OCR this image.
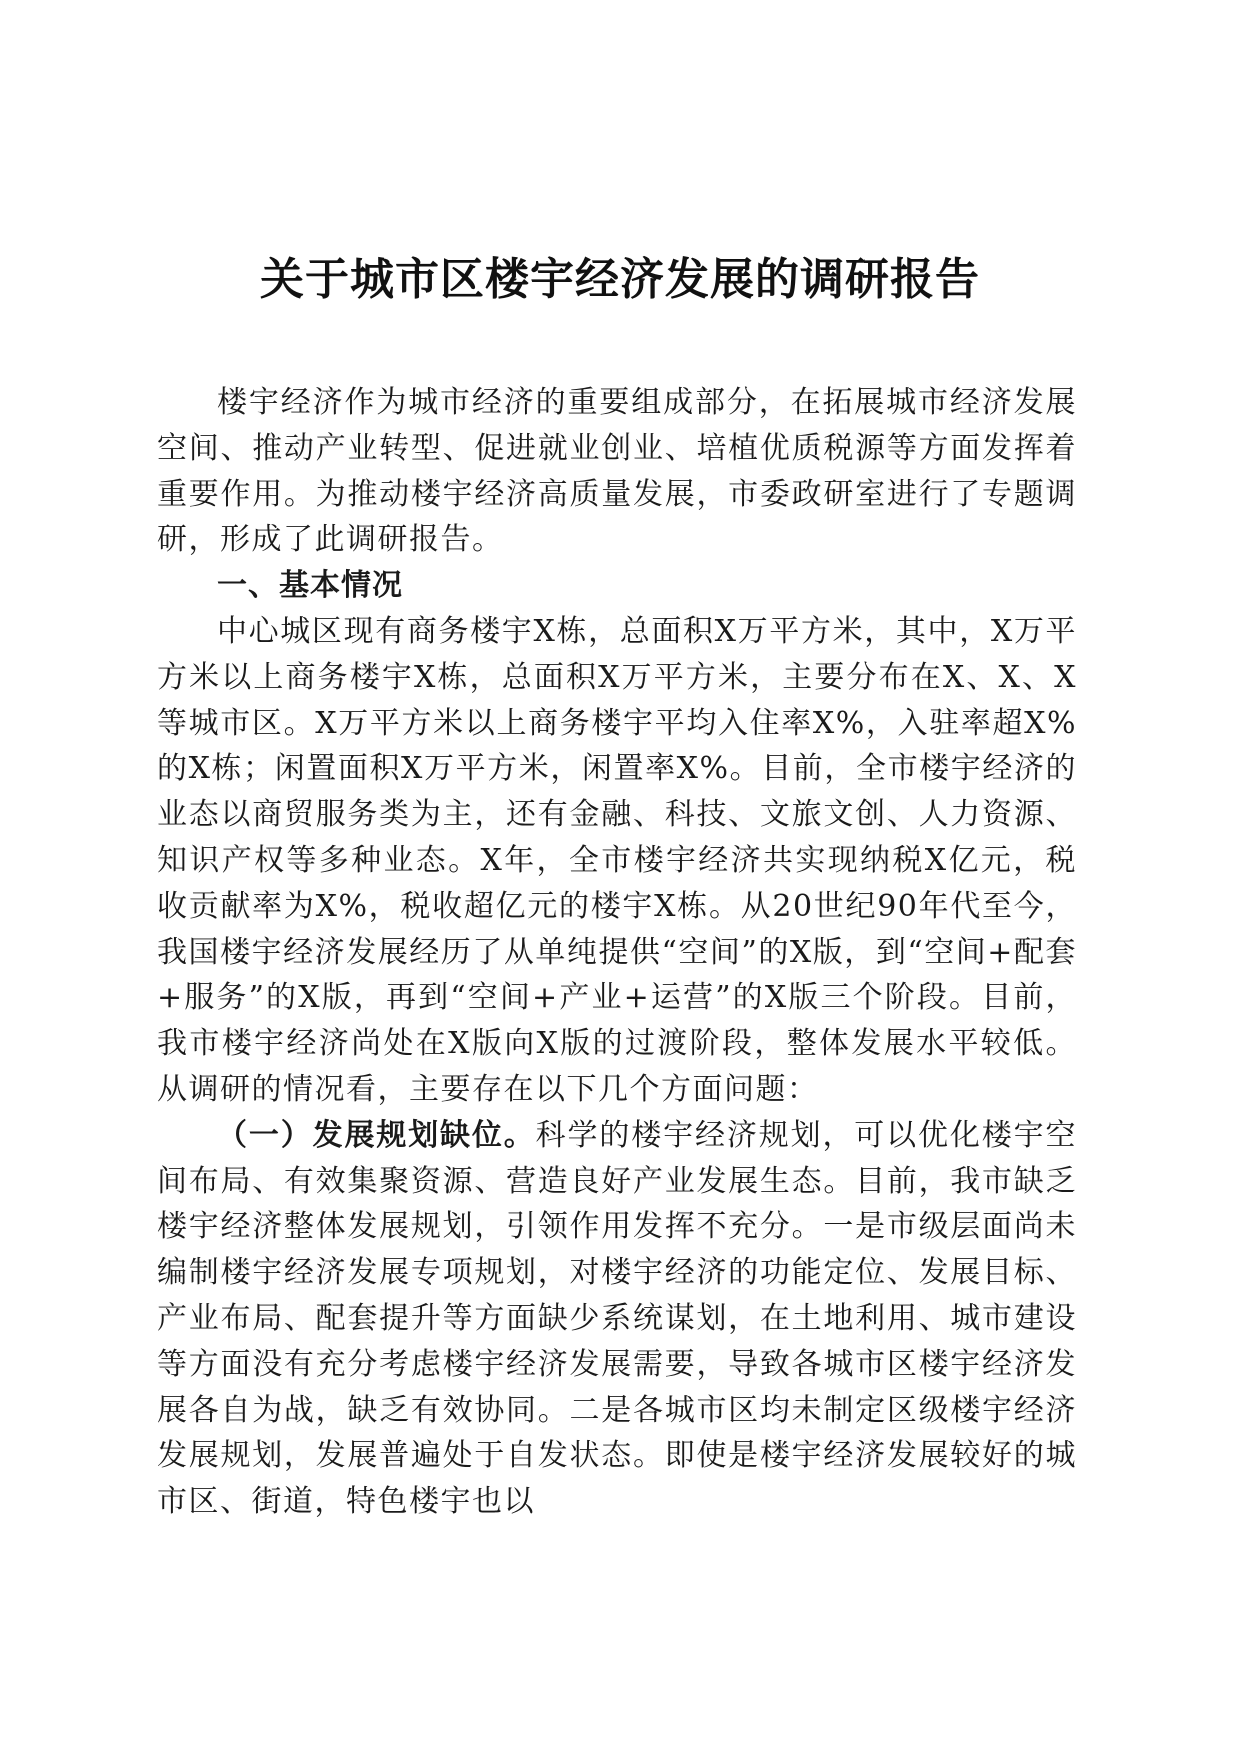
关于城市区楼宇经济发展的调研报告

楼宇经济作为城市经济的重要组成部分，在拓展城市经济发展空间、推动产业转型、促进就业创业、培植优质税源等方面发挥着重要作用。为推动楼宇经济高质量发展，市委政研室进行了专题调研，形成了此调研报告。

一、基本情况

中心城区现有商务楼宇X栋，总面积X万平方米，其中，X万平方米以上商务楼宇X栋，总面积X万平方米，主要分布在X、X、X等城市区。X万平方米以上商务楼宇平均入住率X%，入驻率超X%的X栋；闲置面积X万平方米，闲置率X%。目前，全市楼宇经济的业态以商贸服务类为主，还有金融、科技、文旅文创、人力资源、知识产权等多种业态。X年，全市楼宇经济共实现纳税X亿元，税收贡献率为X%，税收超亿元的楼宇X栋。从20世纪90年代至今，我国楼宇经济发展经历了从单纯提供“空间”的X版，到“空间+配套+服务”的X版，再到“空间+产业+运营”的X版三个阶段。目前，我市楼宇经济尚处在X版向X版的过渡阶段，整体发展水平较低。从调研的情况看，主要存在以下几个方面问题：

（一）发展规划缺位。科学的楼宇经济规划，可以优化楼宇空间布局、有效集聚资源、营造良好产业发展生态。目前，我市缺乏楼宇经济整体发展规划，引领作用发挥不充分。一是市级层面尚未编制楼宇经济发展专项规划，对楼宇经济的功能定位、发展目标、产业布局、配套提升等方面缺少系统谋划，在土地利用、城市建设等方面没有充分考虑楼宇经济发展需要，导致各城市区楼宇经济发展各自为战，缺乏有效协同。二是各城市区均未制定区级楼宇经济发展规划，发展普遍处于自发状态。即使是楼宇经济发展较好的城市区、街道，特色楼宇也以
